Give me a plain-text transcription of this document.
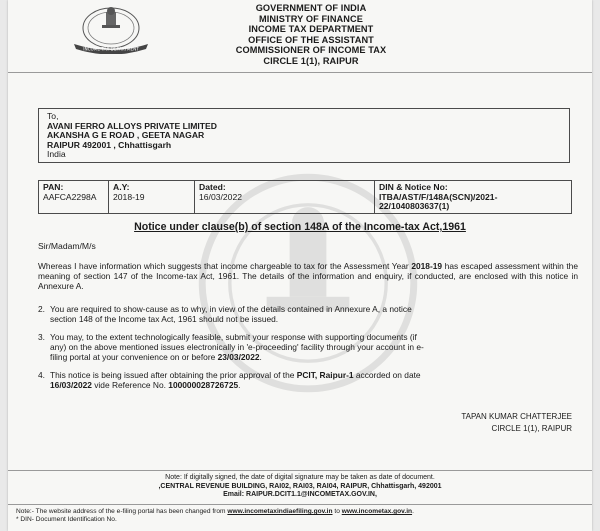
INCOME TAX DEPARTMENT
GOVERNMENT OF INDIA
MINISTRY OF FINANCE
INCOME TAX DEPARTMENT
OFFICE OF THE ASSISTANT
COMMISSIONER OF INCOME TAX
CIRCLE 1(1), RAIPUR
To,
AVANI FERRO ALLOYS PRIVATE LIMITED
AKANSHA G E ROAD , GEETA NAGAR
RAIPUR 492001 , Chhattisgarh
India
PAN:
AAFCA2298A
A.Y:
2018-19
Dated:
16/03/2022
DIN & Notice No:
ITBA/AST/F/148A(SCN)/2021-
22/1040803637(1)
Notice under clause(b) of section 148A of the Income-tax Act,1961
Sir/Madam/M/s
Whereas I have information which suggests that income chargeable to tax for the Assessment Year 2018-19 has escaped assessment within the meaning of section 147 of the Income-tax Act, 1961. The details of the information and enquiry, if conducted, are enclosed with this notice in Annexure A.
2. You are required to show-cause as to why, in view of the details contained in Annexure A, a notice
section 148 of the Income tax Act, 1961 should not be issued.
3. You may, to the extent technologically feasible, submit your response with supporting documents (if
any) on the above mentioned issues electronically in 'e-proceeding' facility through your account in e-
filing portal at your convenience on or before 23/03/2022.
4. This notice is being issued after obtaining the prior approval of the PCIT, Raipur-1 accorded on date
16/03/2022 vide Reference No. 100000028726725.
TAPAN KUMAR CHATTERJEE
CIRCLE 1(1), RAIPUR
Note: If digitally signed, the date of digital signature may be taken as date of document.
,CENTRAL REVENUE BUILDING, RAI02, RAI03, RAI04, RAIPUR, Chhattisgarh, 492001
Email: RAIPUR.DCIT1.1@INCOMETAX.GOV.IN,
Note:- The website address of the e-filing portal has been changed from www.incometaxindiaefiling.gov.in to www.incometax.gov.in.
* DIN- Document Identification No.
